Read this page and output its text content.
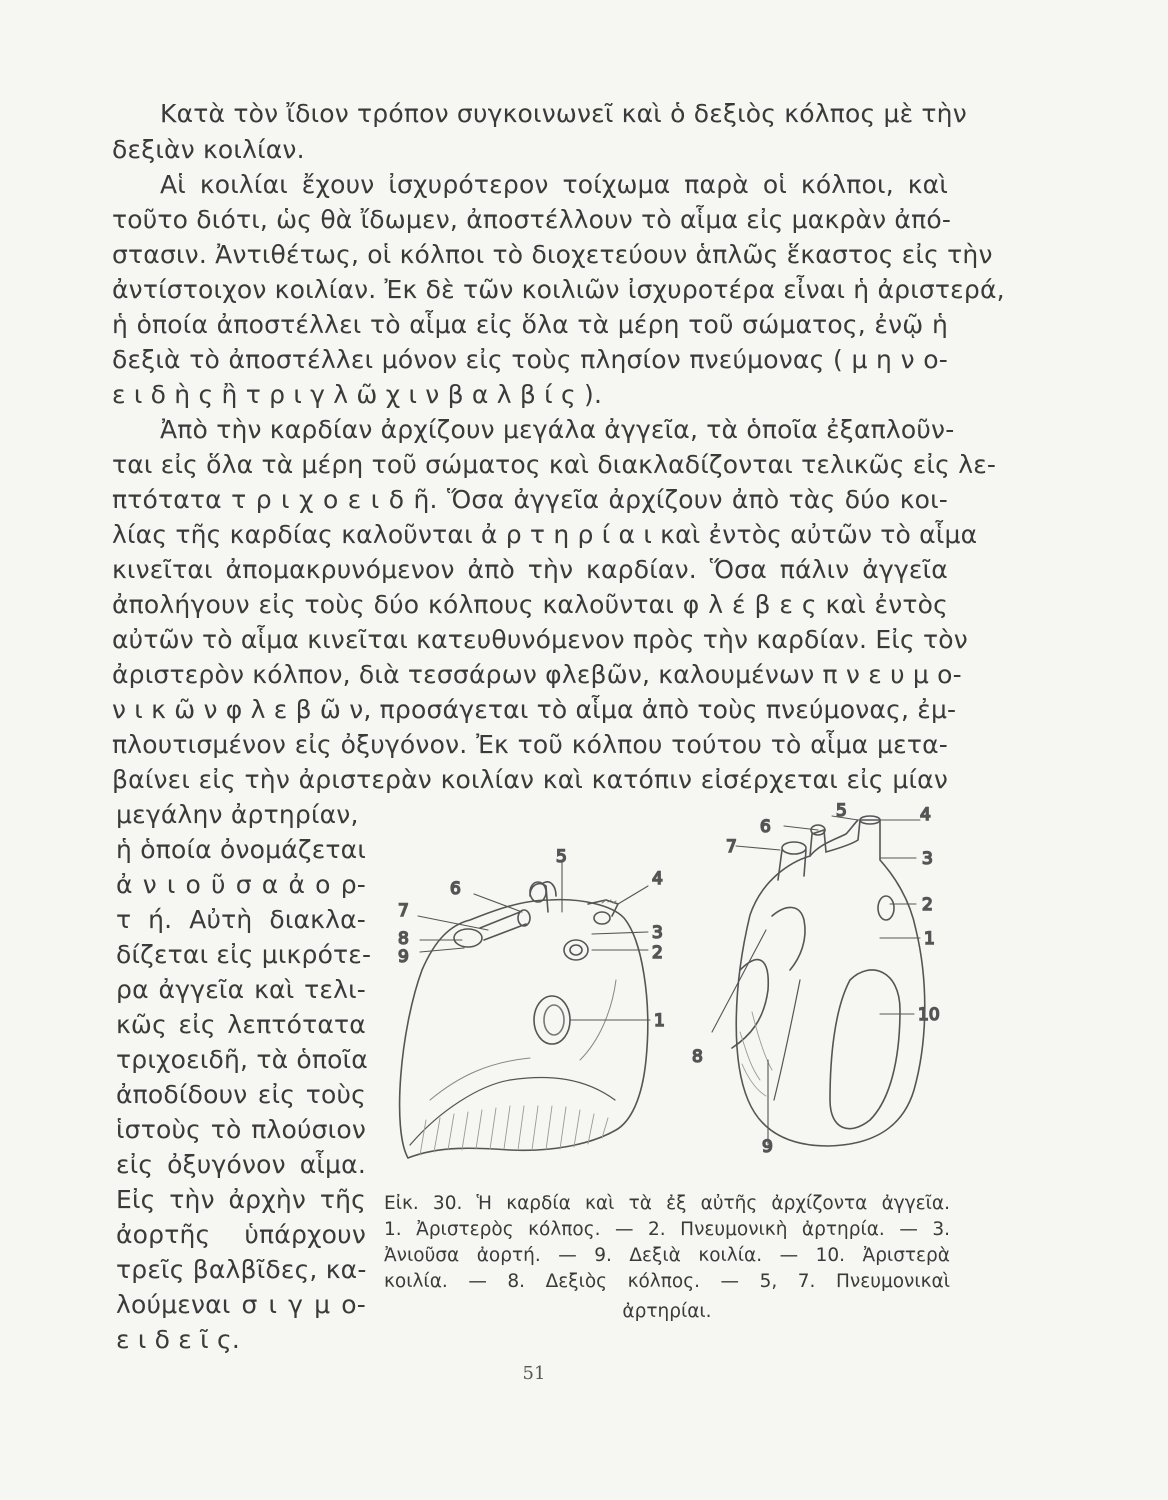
Κατὰ τὸν ἴδιον τρόπον συγκοινωνεῖ καὶ ὁ δεξιὸς κόλπος μὲ τὴν
δεξιὰν κοιλίαν.
Αἱ κοιλίαι ἔχουν ἰσχυρότερον τοίχωμα παρὰ οἱ κόλποι, καὶ
τοῦτο διότι, ὡς θὰ ἴδωμεν, ἀποστέλλουν τὸ αἷμα εἰς μακρὰν ἀπό-
στασιν. Ἀντιθέτως, οἱ κόλποι τὸ διοχετεύουν ἁπλῶς ἕκαστος εἰς τὴν
ἀντίστοιχον κοιλίαν. Ἐκ δὲ τῶν κοιλιῶν ἰσχυροτέρα εἶναι ἡ ἀριστερά,
ἡ ὁποία ἀποστέλλει τὸ αἷμα εἰς ὅλα τὰ μέρη τοῦ σώματος, ἐνῷ ἡ
δεξιὰ τὸ ἀποστέλλει μόνον εἰς τοὺς πλησίον πνεύμονας ( μ η ν ο-
ε ι δ ὴ ς ἢ τ ρ ι γ λ ῶ χ ι ν β α λ β ί ς ).
Ἀπὸ τὴν καρδίαν ἀρχίζουν μεγάλα ἀγγεῖα, τὰ ὁποῖα ἐξαπλοῦν-
ται εἰς ὅλα τὰ μέρη τοῦ σώματος καὶ διακλαδίζονται τελικῶς εἰς λε-
πτότατα τ ρ ι χ ο ε ι δ ῆ. Ὅσα ἀγγεῖα ἀρχίζουν ἀπὸ τὰς δύο κοι-
λίας τῆς καρδίας καλοῦνται ἀ ρ τ η ρ ί α ι καὶ ἐντὸς αὐτῶν τὸ αἷμα
κινεῖται ἀπομακρυνόμενον ἀπὸ τὴν καρδίαν. Ὅσα πάλιν ἀγγεῖα
ἀπολήγουν εἰς τοὺς δύο κόλπους καλοῦνται φ λ έ β ε ς καὶ ἐντὸς
αὐτῶν τὸ αἷμα κινεῖται κατευθυνόμενον πρὸς τὴν καρδίαν. Εἰς τὸν
ἀριστερὸν κόλπον, διὰ τεσσάρων φλεβῶν, καλουμένων π ν ε υ μ ο-
ν ι κ ῶ ν φ λ ε β ῶ ν, προσάγεται τὸ αἷμα ἀπὸ τοὺς πνεύμονας, ἐμ-
πλουτισμένον εἰς ὀξυγόνον. Ἐκ τοῦ κόλπου τούτου τὸ αἷμα μετα-
βαίνει εἰς τὴν ἀριστερὰν κοιλίαν καὶ κατόπιν εἰσέρχεται εἰς μίαν
μεγάλην ἀρτηρίαν,
ἡ ὁποία ὀνομάζεται
ἀ ν ι ο ῦ σ α ἀ ο ρ-
τ ή. Αὐτὴ διακλα-
δίζεται εἰς μικρότε-
ρα ἀγγεῖα καὶ τελι-
κῶς εἰς λεπτότατα
τριχοειδῆ, τὰ ὁποῖα
ἀποδίδουν εἰς τοὺς
ἱστοὺς τὸ πλούσιον
εἰς ὀξυγόνον αἷμα.
Εἰς τὴν ἀρχὴν τῆς
ἀορτῆς ὑπάρχουν
τρεῖς βαλβῖδες, κα-
λούμεναι σ ι γ μ ο-
ε ι δ ε ῖ ς.
5
4
6
7
8
9
3
2
1
6
5	4
7
3
2
1
10
8
9
Εἰκ. 30. Ἡ καρδία καὶ τὰ ἐξ αὐτῆς ἀρχίζοντα ἀγγεῖα.
1. Ἀριστερὸς κόλπος. — 2. Πνευμονικὴ ἀρτηρία. — 3.
Ἀνιοῦσα ἀορτή. — 9. Δεξιὰ κοιλία. — 10. Ἀριστερὰ
κοιλία. — 8. Δεξιὸς κόλπος. — 5, 7. Πνευμονικαὶ
ἀρτηρίαι.
51
